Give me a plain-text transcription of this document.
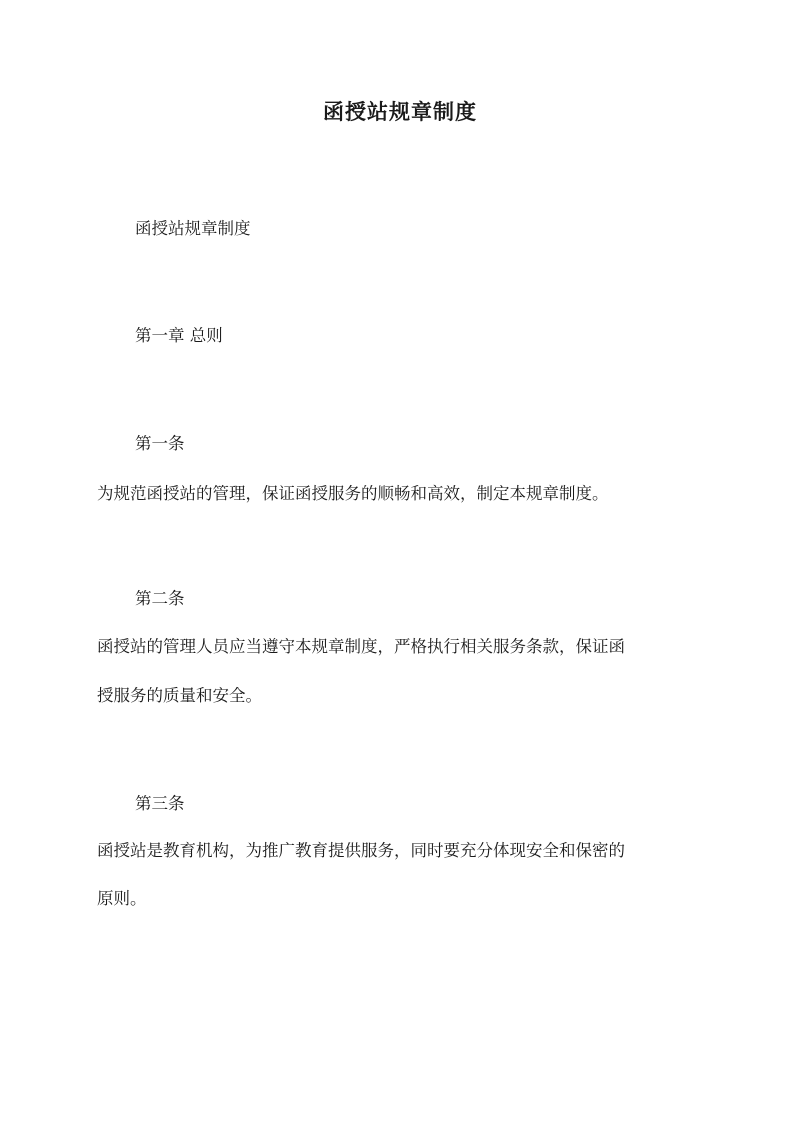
函授站规章制度

函授站规章制度

第一章 总则

第一条

为规范函授站的管理，保证函授服务的顺畅和高效，制定本规章制度。

第二条

函授站的管理人员应当遵守本规章制度，严格执行相关服务条款，保证函

授服务的质量和安全。

第三条

函授站是教育机构，为推广教育提供服务，同时要充分体现安全和保密的

原则。
